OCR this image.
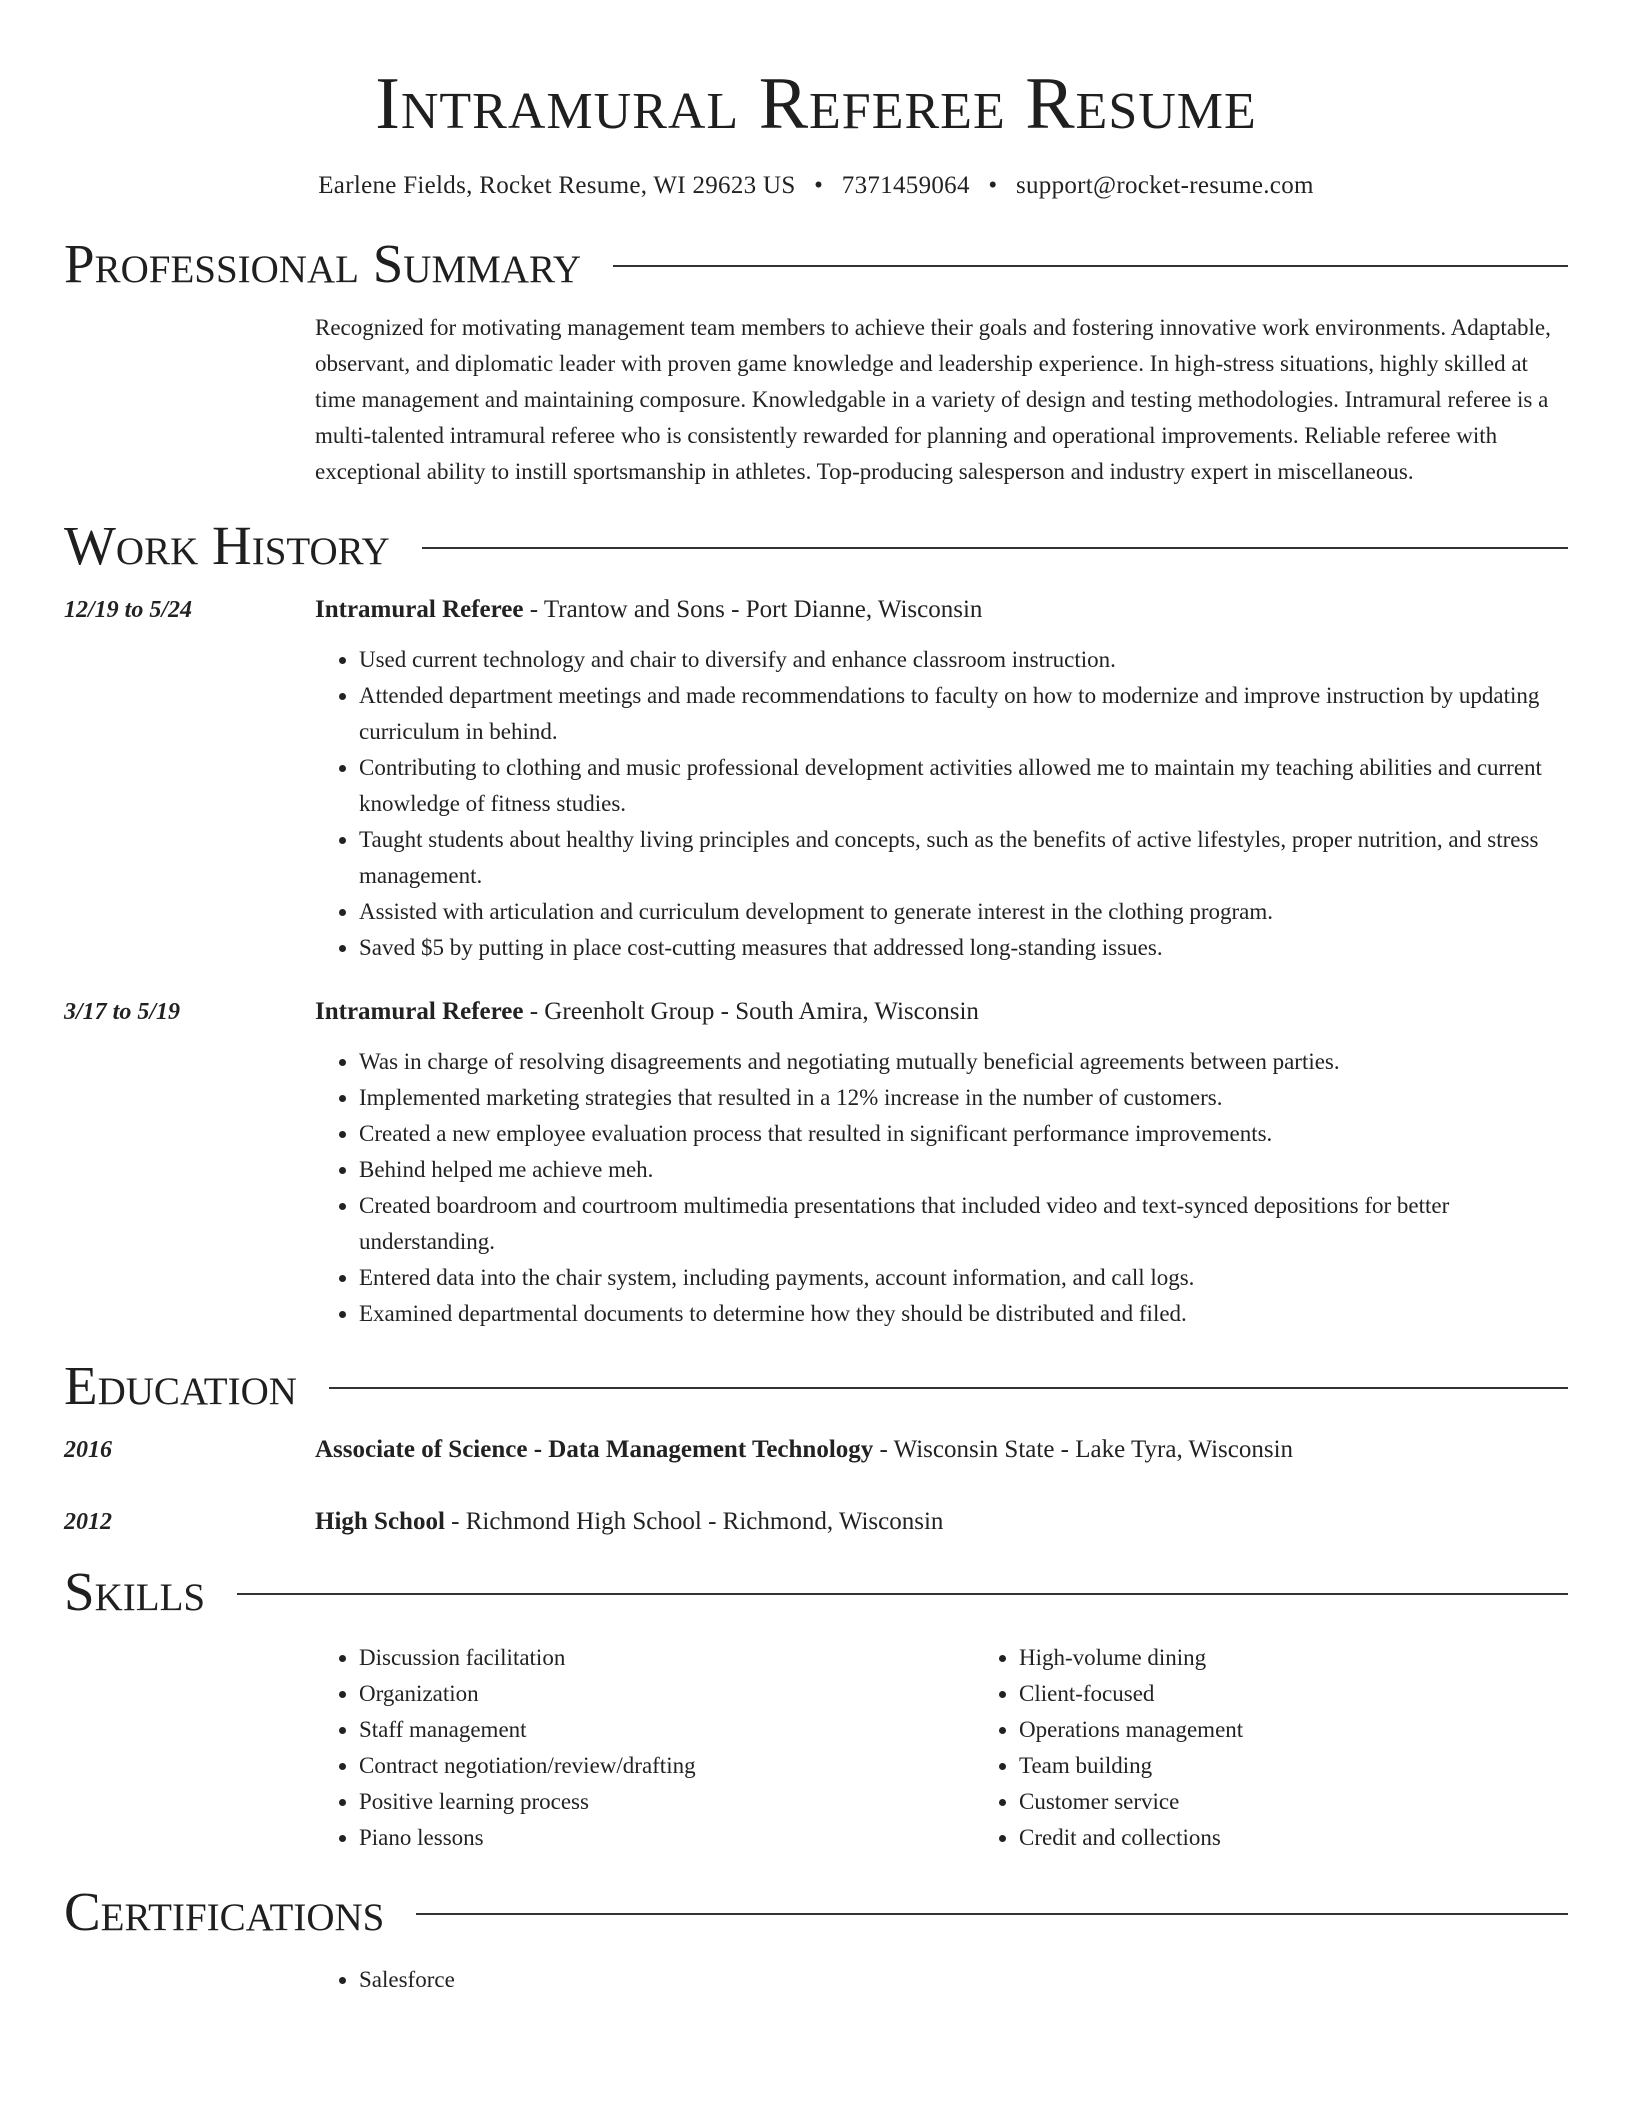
Intramural Referee Resume
Earlene Fields, Rocket Resume, WI 29623 US • 7371459064 • support@rocket-resume.com
Professional Summary
Recognized for motivating management team members to achieve their goals and fostering innovative work environments. Adaptable, observant, and diplomatic leader with proven game knowledge and leadership experience. In high-stress situations, highly skilled at time management and maintaining composure. Knowledgable in a variety of design and testing methodologies. Intramural referee is a multi-talented intramural referee who is consistently rewarded for planning and operational improvements. Reliable referee with exceptional ability to instill sportsmanship in athletes. Top-producing salesperson and industry expert in miscellaneous.
Work History
12/19 to 5/24	Intramural Referee - Trantow and Sons - Port Dianne, Wisconsin
• Used current technology and chair to diversify and enhance classroom instruction.
• Attended department meetings and made recommendations to faculty on how to modernize and improve instruction by updating curriculum in behind.
• Contributing to clothing and music professional development activities allowed me to maintain my teaching abilities and current knowledge of fitness studies.
• Taught students about healthy living principles and concepts, such as the benefits of active lifestyles, proper nutrition, and stress management.
• Assisted with articulation and curriculum development to generate interest in the clothing program.
• Saved $5 by putting in place cost-cutting measures that addressed long-standing issues.
3/17 to 5/19	Intramural Referee - Greenholt Group - South Amira, Wisconsin
• Was in charge of resolving disagreements and negotiating mutually beneficial agreements between parties.
• Implemented marketing strategies that resulted in a 12% increase in the number of customers.
• Created a new employee evaluation process that resulted in significant performance improvements.
• Behind helped me achieve meh.
• Created boardroom and courtroom multimedia presentations that included video and text-synced depositions for better understanding.
• Entered data into the chair system, including payments, account information, and call logs.
• Examined departmental documents to determine how they should be distributed and filed.
Education
2016	Associate of Science - Data Management Technology - Wisconsin State - Lake Tyra, Wisconsin
2012	High School - Richmond High School - Richmond, Wisconsin
Skills
• Discussion facilitation
• Organization
• Staff management
• Contract negotiation/review/drafting
• Positive learning process
• Piano lessons
• High-volume dining
• Client-focused
• Operations management
• Team building
• Customer service
• Credit and collections
Certifications
• Salesforce
